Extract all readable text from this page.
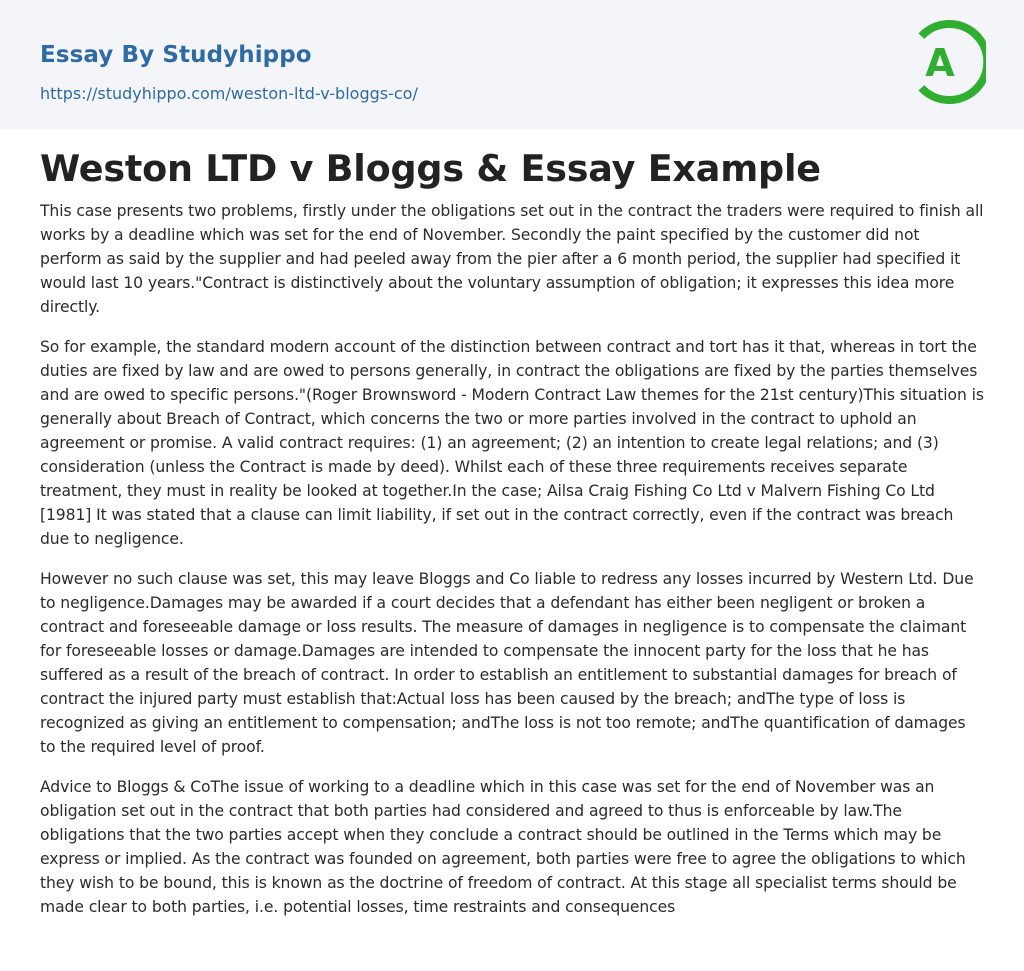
Essay By Studyhippo
https://studyhippo.com/weston-ltd-v-bloggs-co/
A
Weston LTD v Bloggs & Essay Example

This case presents two problems, firstly under the obligations set out in the contract the traders were required to finish all works by a deadline which was set for the end of November. Secondly the paint specified by the customer did not perform as said by the supplier and had peeled away from the pier after a 6 month period, the supplier had specified it would last 10 years."Contract is distinctively about the voluntary assumption of obligation; it expresses this idea more directly.

So for example, the standard modern account of the distinction between contract and tort has it that, whereas in tort the duties are fixed by law and are owed to persons generally, in contract the obligations are fixed by the parties themselves and are owed to specific persons."(Roger Brownsword - Modern Contract Law themes for the 21st century)This situation is generally about Breach of Contract, which concerns the two or more parties involved in the contract to uphold an agreement or promise. A valid contract requires: (1) an agreement; (2) an intention to create legal relations; and (3) consideration (unless the Contract is made by deed). Whilst each of these three requirements receives separate treatment, they must in reality be looked at together.In the case; Ailsa Craig Fishing Co Ltd v Malvern Fishing Co Ltd [1981] It was stated that a clause can limit liability, if set out in the contract correctly, even if the contract was breach due to negligence.

However no such clause was set, this may leave Bloggs and Co liable to redress any losses incurred by Western Ltd. Due to negligence.Damages may be awarded if a court decides that a defendant has either been negligent or broken a contract and foreseeable damage or loss results. The measure of damages in negligence is to compensate the claimant for foreseeable losses or damage.Damages are intended to compensate the innocent party for the loss that he has suffered as a result of the breach of contract. In order to establish an entitlement to substantial damages for breach of contract the injured party must establish that:Actual loss has been caused by the breach; andThe type of loss is recognized as giving an entitlement to compensation; andThe loss is not too remote; andThe quantification of damages to the required level of proof.

Advice to Bloggs & CoThe issue of working to a deadline which in this case was set for the end of November was an obligation set out in the contract that both parties had considered and agreed to thus is enforceable by law.The obligations that the two parties accept when they conclude a contract should be outlined in the Terms which may be express or implied. As the contract was founded on agreement, both parties were free to agree the obligations to which they wish to be bound, this is known as the doctrine of freedom of contract. At this stage all specialist terms should be made clear to both parties, i.e. potential losses, time restraints and consequences
